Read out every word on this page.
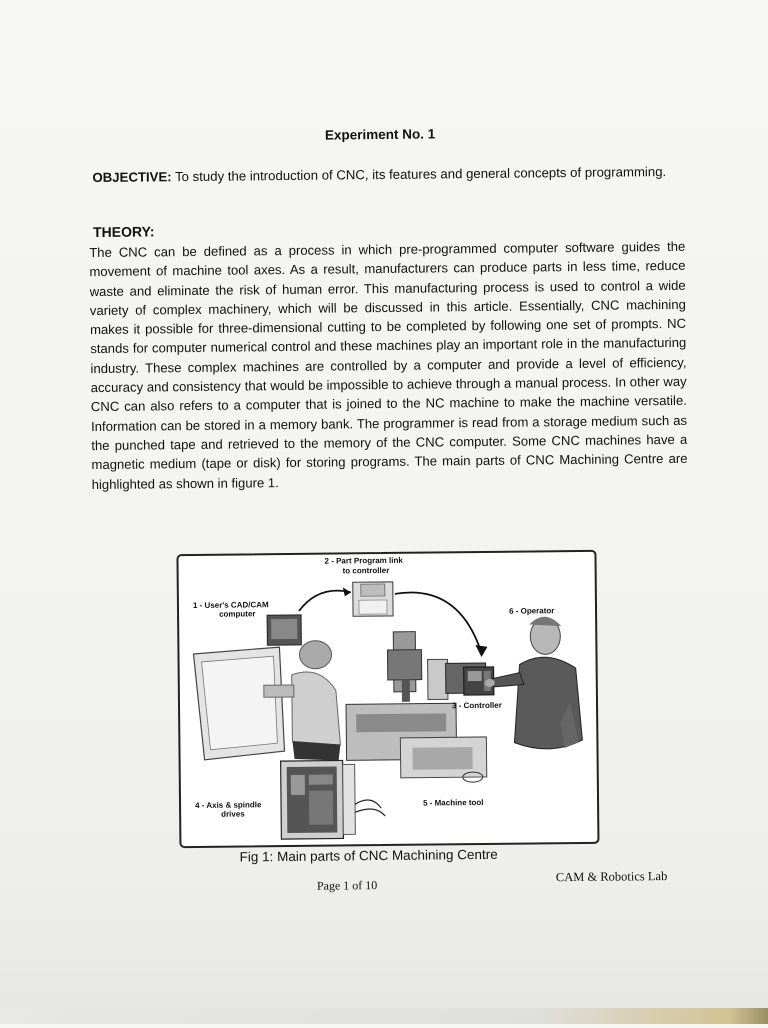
Experiment No. 1
OBJECTIVE: To study the introduction of CNC, its features and general concepts of programming.
THEORY:
The CNC can be defined as a process in which pre-programmed computer software guides the movement of machine tool axes. As a result, manufacturers can produce parts in less time, reduce waste and eliminate the risk of human error. This manufacturing process is used to control a wide variety of complex machinery, which will be discussed in this article. Essentially, CNC machining makes it possible for three-dimensional cutting to be completed by following one set of prompts. NC stands for computer numerical control and these machines play an important role in the manufacturing industry. These complex machines are controlled by a computer and provide a level of efficiency, accuracy and consistency that would be impossible to achieve through a manual process. In other way CNC can also refers to a computer that is joined to the NC machine to make the machine versatile. Information can be stored in a memory bank. The programmer is read from a storage medium such as the punched tape and retrieved to the memory of the CNC computer. Some CNC machines have a magnetic medium (tape or disk) for storing programs. The main parts of CNC Machining Centre are highlighted as shown in figure 1.
2 - Part Program link
to controller
1 - User's CAD/CAM
computer	6 - Operator
3 - Controller
4 - Axis & spindle
drives
5 - Machine tool
Fig 1: Main parts of CNC Machining Centre
Page 1 of 10
CAM & Robotics Lab
